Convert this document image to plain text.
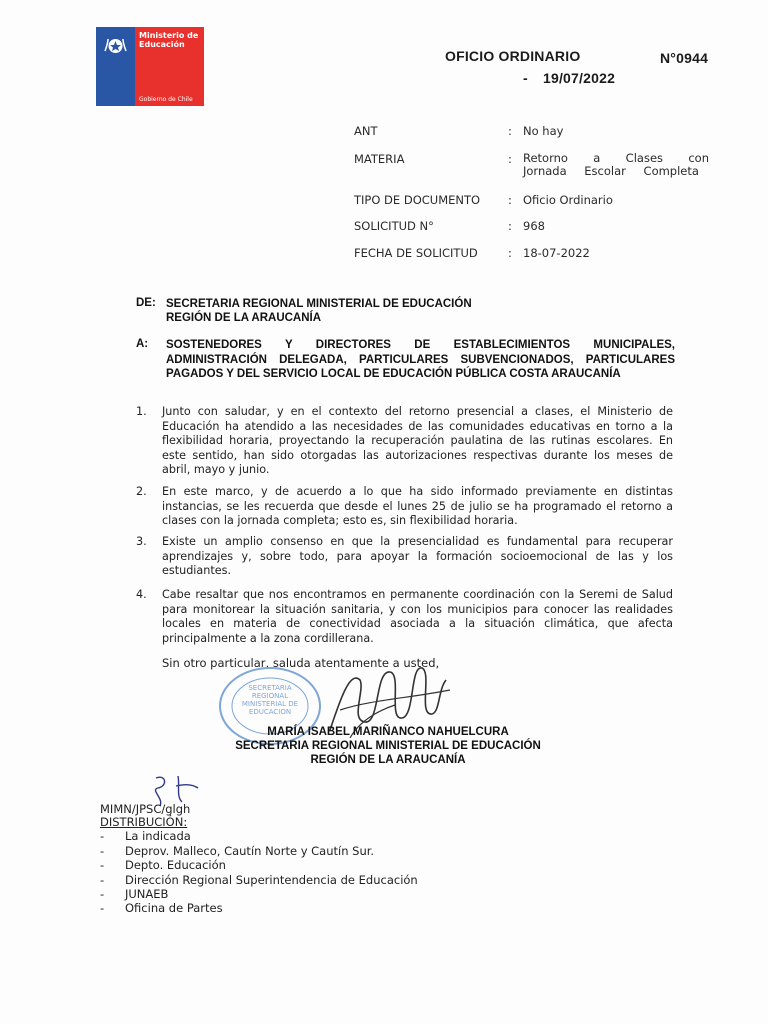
Ministerio de
Educación
Gobierno de Chile
OFICIO ORDINARIO	N°0944
- 19/07/2022
ANT	: No hay
MATERIA	: Retorno a Clases con Jornada Escolar Completa
TIPO DE DOCUMENTO : Oficio Ordinario
SOLICITUD N°	: 968
FECHA DE SOLICITUD	: 18-07-2022
DE: SECRETARIA REGIONAL MINISTERIAL DE EDUCACIÓN
REGIÓN DE LA ARAUCANÍA
A: SOSTENEDORES Y DIRECTORES DE ESTABLECIMIENTOS MUNICIPALES,
ADMINISTRACIÓN DELEGADA, PARTICULARES SUBVENCIONADOS, PARTICULARES
PAGADOS Y DEL SERVICIO LOCAL DE EDUCACIÓN PÚBLICA COSTA ARAUCANÍA
1. Junto con saludar, y en el contexto del retorno presencial a clases, el Ministerio de Educación ha atendido a las necesidades de las comunidades educativas en torno a la flexibilidad horaria, proyectando la recuperación paulatina de las rutinas escolares. En este sentido, han sido otorgadas las autorizaciones respectivas durante los meses de abril, mayo y junio.
2. En este marco, y de acuerdo a lo que ha sido informado previamente en distintas instancias, se les recuerda que desde el lunes 25 de julio se ha programado el retorno a clases con la jornada completa; esto es, sin flexibilidad horaria.
3. Existe un amplio consenso en que la presencialidad es fundamental para recuperar aprendizajes y, sobre todo, para apoyar la formación socioemocional de las y los estudiantes.
4. Cabe resaltar que nos encontramos en permanente coordinación con la Seremi de Salud para monitorear la situación sanitaria, y con los municipios para conocer las realidades locales en materia de conectividad asociada a la situación climática, que afecta principalmente a la zona cordillerana.
Sin otro particular, saluda atentamente a usted,
SECRETARIA
REGIONAL
MINISTERIAL DE
EDUCACION
MARÍA ISABEL MARIÑANCO NAHUELCURA
SECRETARIA REGIONAL MINISTERIAL DE EDUCACIÓN
REGIÓN DE LA ARAUCANÍA
MIMN/JPSC/glgh
DISTRIBUCIÓN:
- La indicada
- Deprov. Malleco, Cautín Norte y Cautín Sur.
- Depto. Educación
- Dirección Regional Superintendencia de Educación
- JUNAEB
- Oficina de Partes
